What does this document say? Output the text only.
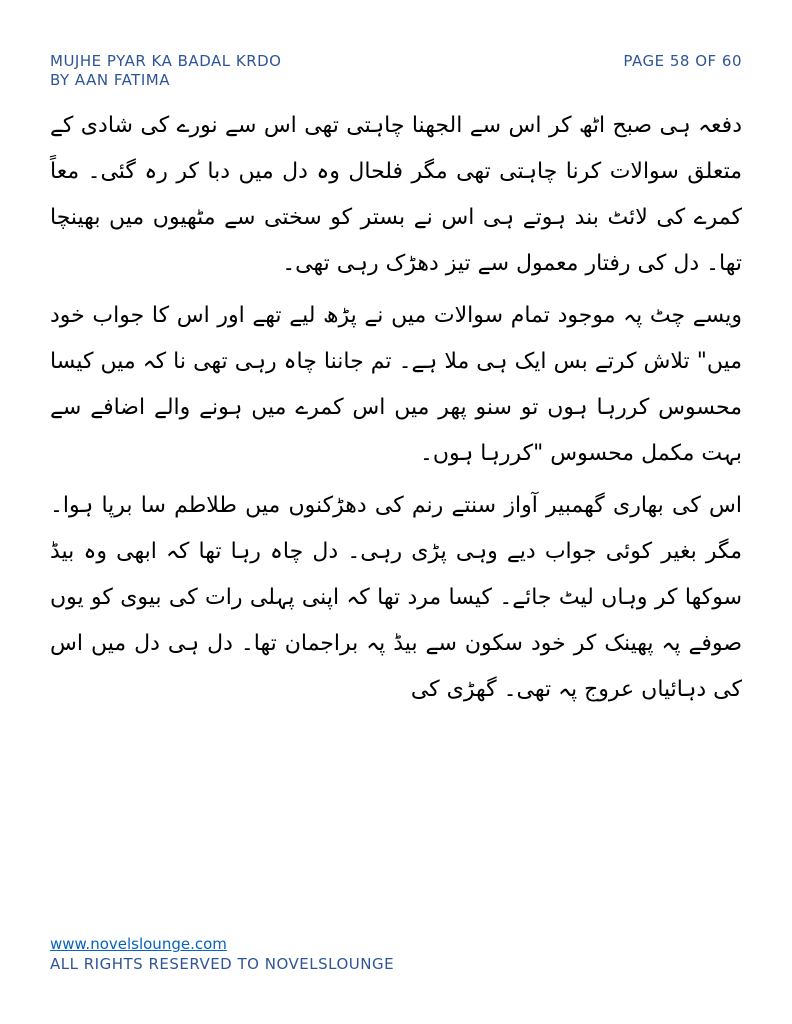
MUJHE PYAR KA BADAL KRDO
BY AAN FATIMA
PAGE 58 OF 60

دفعہ ہی صبح اٹھ کر اس سے الجھنا چاہتی تھی اس سے نورے کی شادی کے متعلق سوالات کرنا چاہتی تھی مگر فلحال وہ دل میں دبا کر رہ گئی۔ معاً کمرے کی لائٹ بند ہوتے ہی اس نے بستر کو سختی سے مٹھیوں میں بھینچا تھا۔ دل کی رفتار معمول سے تیز دھڑک رہی تھی۔

ویسے چٹ پہ موجود تمام سوالات میں نے پڑھ لیے تھے اور اس کا جواب خود میں" تلاش کرتے بس ایک ہی ملا ہے۔ تم جاننا چاہ رہی تھی نا کہ میں کیسا محسوس کررہا ہوں تو سنو پھر میں اس کمرے میں ہونے والے اضافے سے بہت مکمل محسوس "کررہا ہوں۔

اس کی بھاری گھمبیر آواز سنتے رنم کی دھڑکنوں میں طلاطم سا برپا ہوا۔ مگر بغیر کوئی جواب دیے وہی پڑی رہی۔ دل چاہ رہا تھا کہ ابھی وہ بیڈ سوکھا کر وہاں لیٹ جائے۔ کیسا مرد تھا کہ اپنی پہلی رات کی بیوی کو یوں صوفے پہ پھینک کر خود سکون سے بیڈ پہ براجمان تھا۔ دل ہی دل میں اس کی دہائیاں عروج پہ تھی۔ گھڑی کی

www.novelslounge.com
ALL RIGHTS RESERVED TO NOVELSLOUNGE
